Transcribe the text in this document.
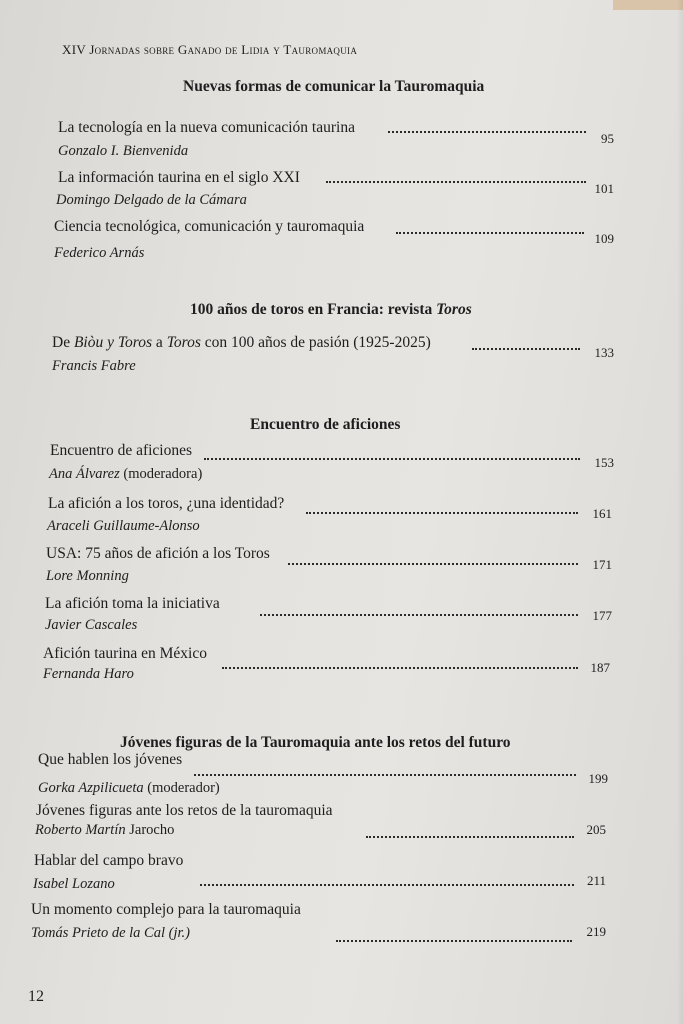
XIV Jornadas sobre Ganado de Lidia y Tauromaquia
Nuevas formas de comunicar la Tauromaquia
La tecnología en la nueva comunicación taurina
95
Gonzalo I. Bienvenida
La información taurina en el siglo XXI
101
Domingo Delgado de la Cámara
Ciencia tecnológica, comunicación y tauromaquia
109
Federico Arnás
100 años de toros en Francia: revista Toros
De Biòu y Toros a Toros con 100 años de pasión (1925-2025)
133
Francis Fabre
Encuentro de aficiones
Encuentro de aficiones
153
Ana Álvarez (moderadora)
La afición a los toros, ¿una identidad?
161
Araceli Guillaume-Alonso
USA: 75 años de afición a los Toros
171
Lore Monning
La afición toma la iniciativa
177
Javier Cascales
Afición taurina en México
187
Fernanda Haro
Jóvenes figuras de la Tauromaquia ante los retos del futuro
Que hablen los jóvenes
199
Gorka Azpilicueta (moderador)
Jóvenes figuras ante los retos de la tauromaquia
205
Roberto Martín Jarocho
Hablar del campo bravo
211
Isabel Lozano
Un momento complejo para la tauromaquia
219
Tomás Prieto de la Cal (jr.)
12
